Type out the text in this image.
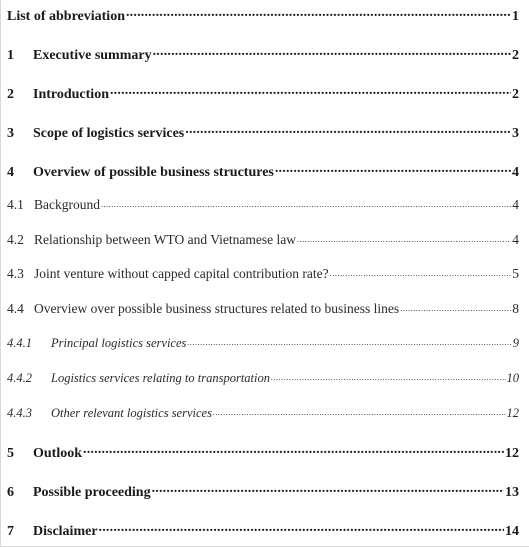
List of abbreviation .....	1
1	Executive summary .....	2
2	Introduction .....	2
3	Scope of logistics services .....	3
4	Overview of possible business structures .....	4
4.1 Background .....	4
4.2 Relationship between WTO and Vietnamese law .....	4
4.3 Joint venture without capped capital contribution rate? .....	5
4.4 Overview over possible business structures related to business lines .....	8
4.4.1	Principal logistics services .....	9
4.4.2	Logistics services relating to transportation .....	10
4.4.3	Other relevant logistics services .....	12
5	Outlook .....	12
6	Possible proceeding .....	13
7	Disclaimer .....	14
